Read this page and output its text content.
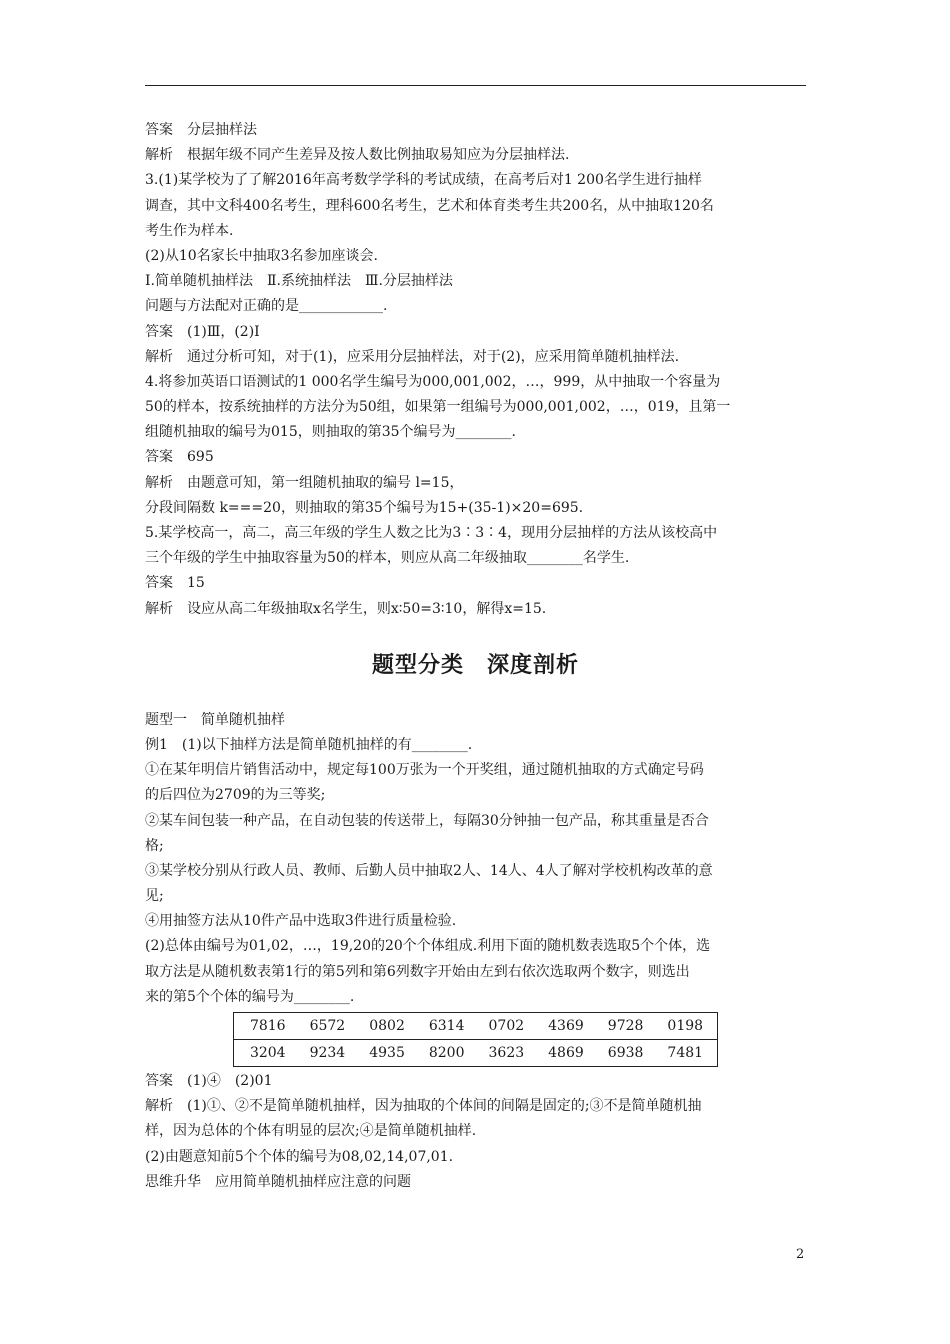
答案　分层抽样法
解析　根据年级不同产生差异及按人数比例抽取易知应为分层抽样法.
3.(1)某学校为了了解2016年高考数学学科的考试成绩，在高考后对1 200名学生进行抽样
调查，其中文科400名考生，理科600名考生，艺术和体育类考生共200名，从中抽取120名
考生作为样本.
(2)从10名家长中抽取3名参加座谈会.
Ⅰ.简单随机抽样法　Ⅱ.系统抽样法　Ⅲ.分层抽样法
问题与方法配对正确的是____________.
答案　(1)Ⅲ，(2)Ⅰ
解析　通过分析可知，对于(1)，应采用分层抽样法，对于(2)，应采用简单随机抽样法.
4.将参加英语口语测试的1 000名学生编号为000,001,002，…，999，从中抽取一个容量为
50的样本，按系统抽样的方法分为50组，如果第一组编号为000,001,002，…，019，且第一
组随机抽取的编号为015，则抽取的第35个编号为________.
答案　695
解析　由题意可知，第一组随机抽取的编号 l=15，
分段间隔数 k===20，则抽取的第35个编号为15+(35-1)×20=695.
5.某学校高一，高二，高三年级的学生人数之比为3∶3∶4，现用分层抽样的方法从该校高中
三个年级的学生中抽取容量为50的样本，则应从高二年级抽取________名学生.
答案　15
解析　设应从高二年级抽取x名学生，则x∶50=3∶10，解得x=15.
题型分类　深度剖析
题型一　简单随机抽样
例1　(1)以下抽样方法是简单随机抽样的有________.
①在某年明信片销售活动中，规定每100万张为一个开奖组，通过随机抽取的方式确定号码
的后四位为2709的为三等奖;
②某车间包装一种产品，在自动包装的传送带上，每隔30分钟抽一包产品，称其重量是否合
格;
③某学校分别从行政人员、教师、后勤人员中抽取2人、14人、4人了解对学校机构改革的意
见;
④用抽签方法从10件产品中选取3件进行质量检验.
(2)总体由编号为01,02，…，19,20的20个个体组成.利用下面的随机数表选取5个个体，选
取方法是从随机数表第1行的第5列和第6列数字开始由左到右依次选取两个数字，则选出
来的第5个个体的编号为________.
7816	6572	0802	6314	0702	4369	9728	0198
3204	9234	4935	8200	3623	4869	6938	7481
答案　(1)④　(2)01
解析　(1)①、②不是简单随机抽样，因为抽取的个体间的间隔是固定的;③不是简单随机抽
样，因为总体的个体有明显的层次;④是简单随机抽样.
(2)由题意知前5个个体的编号为08,02,14,07,01.
思维升华　应用简单随机抽样应注意的问题
2
